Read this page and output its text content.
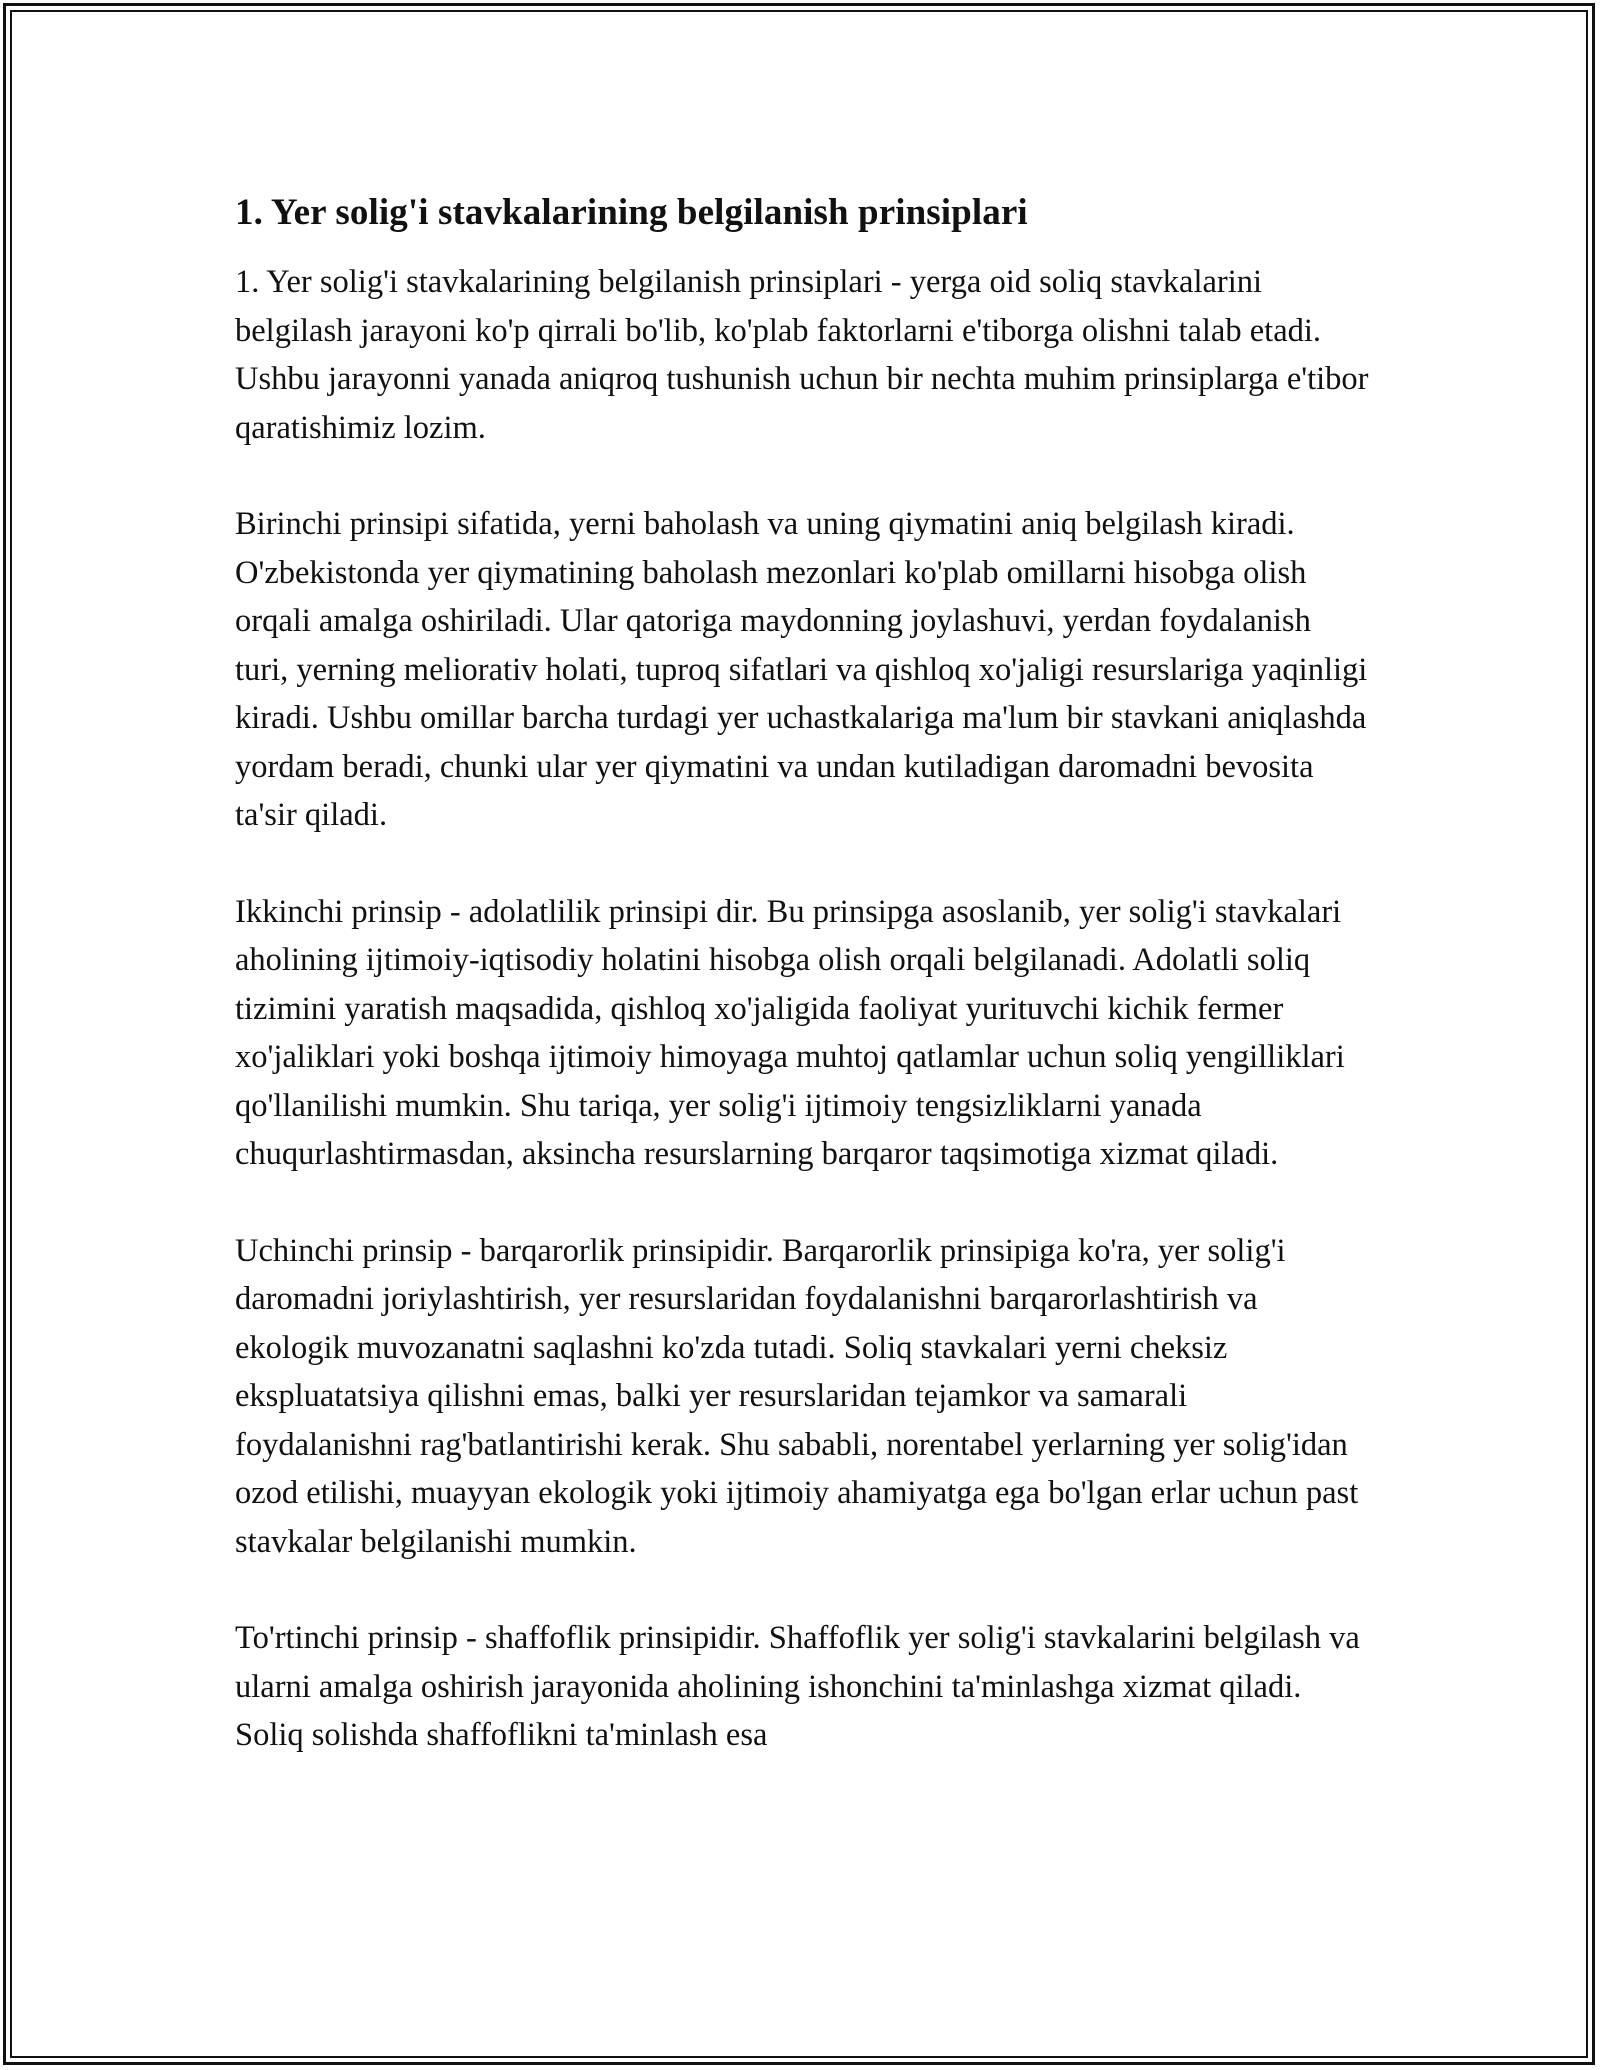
1. Yer solig'i stavkalarining belgilanish prinsiplari

1. Yer solig'i stavkalarining belgilanish prinsiplari - yerga oid soliq stavkalarini belgilash jarayoni ko'p qirrali bo'lib, ko'plab faktorlarni e'tiborga olishni talab etadi. Ushbu jarayonni yanada aniqroq tushunish uchun bir nechta muhim prinsiplarga e'tibor qaratishimiz lozim.

Birinchi prinsipi sifatida, yerni baholash va uning qiymatini aniq belgilash kiradi. O'zbekistonda yer qiymatining baholash mezonlari ko'plab omillarni hisobga olish orqali amalga oshiriladi. Ular qatoriga maydonning joylashuvi, yerdan foydalanish turi, yerning meliorativ holati, tuproq sifatlari va qishloq xo'jaligi resurslariga yaqinligi kiradi. Ushbu omillar barcha turdagi yer uchastkalariga ma'lum bir stavkani aniqlashda yordam beradi, chunki ular yer qiymatini va undan kutiladigan daromadni bevosita ta'sir qiladi.

Ikkinchi prinsip - adolatlilik prinsipi dir. Bu prinsipga asoslanib, yer solig'i stavkalari aholining ijtimoiy-iqtisodiy holatini hisobga olish orqali belgilanadi. Adolatli soliq tizimini yaratish maqsadida, qishloq xo'jaligida faoliyat yurituvchi kichik fermer xo'jaliklari yoki boshqa ijtimoiy himoyaga muhtoj qatlamlar uchun soliq yengilliklari qo'llanilishi mumkin. Shu tariqa, yer solig'i ijtimoiy tengsizliklarni yanada chuqurlashtirmasdan, aksincha resurslarning barqaror taqsimotiga xizmat qiladi.

Uchinchi prinsip - barqarorlik prinsipidir. Barqarorlik prinsipiga ko'ra, yer solig'i daromadni joriylashtirish, yer resurslaridan foydalanishni barqarorlashtirish va ekologik muvozanatni saqlashni ko'zda tutadi. Soliq stavkalari yerni cheksiz ekspluatatsiya qilishni emas, balki yer resurslaridan tejamkor va samarali foydalanishni rag'batlantirishi kerak. Shu sababli, norentabel yerlarning yer solig'idan ozod etilishi, muayyan ekologik yoki ijtimoiy ahamiyatga ega bo'lgan erlar uchun past stavkalar belgilanishi mumkin.

To'rtinchi prinsip - shaffoflik prinsipidir. Shaffoflik yer solig'i stavkalarini belgilash va ularni amalga oshirish jarayonida aholining ishonchini ta'minlashga xizmat qiladi. Soliq solishda shaffoflikni ta'minlash esa
